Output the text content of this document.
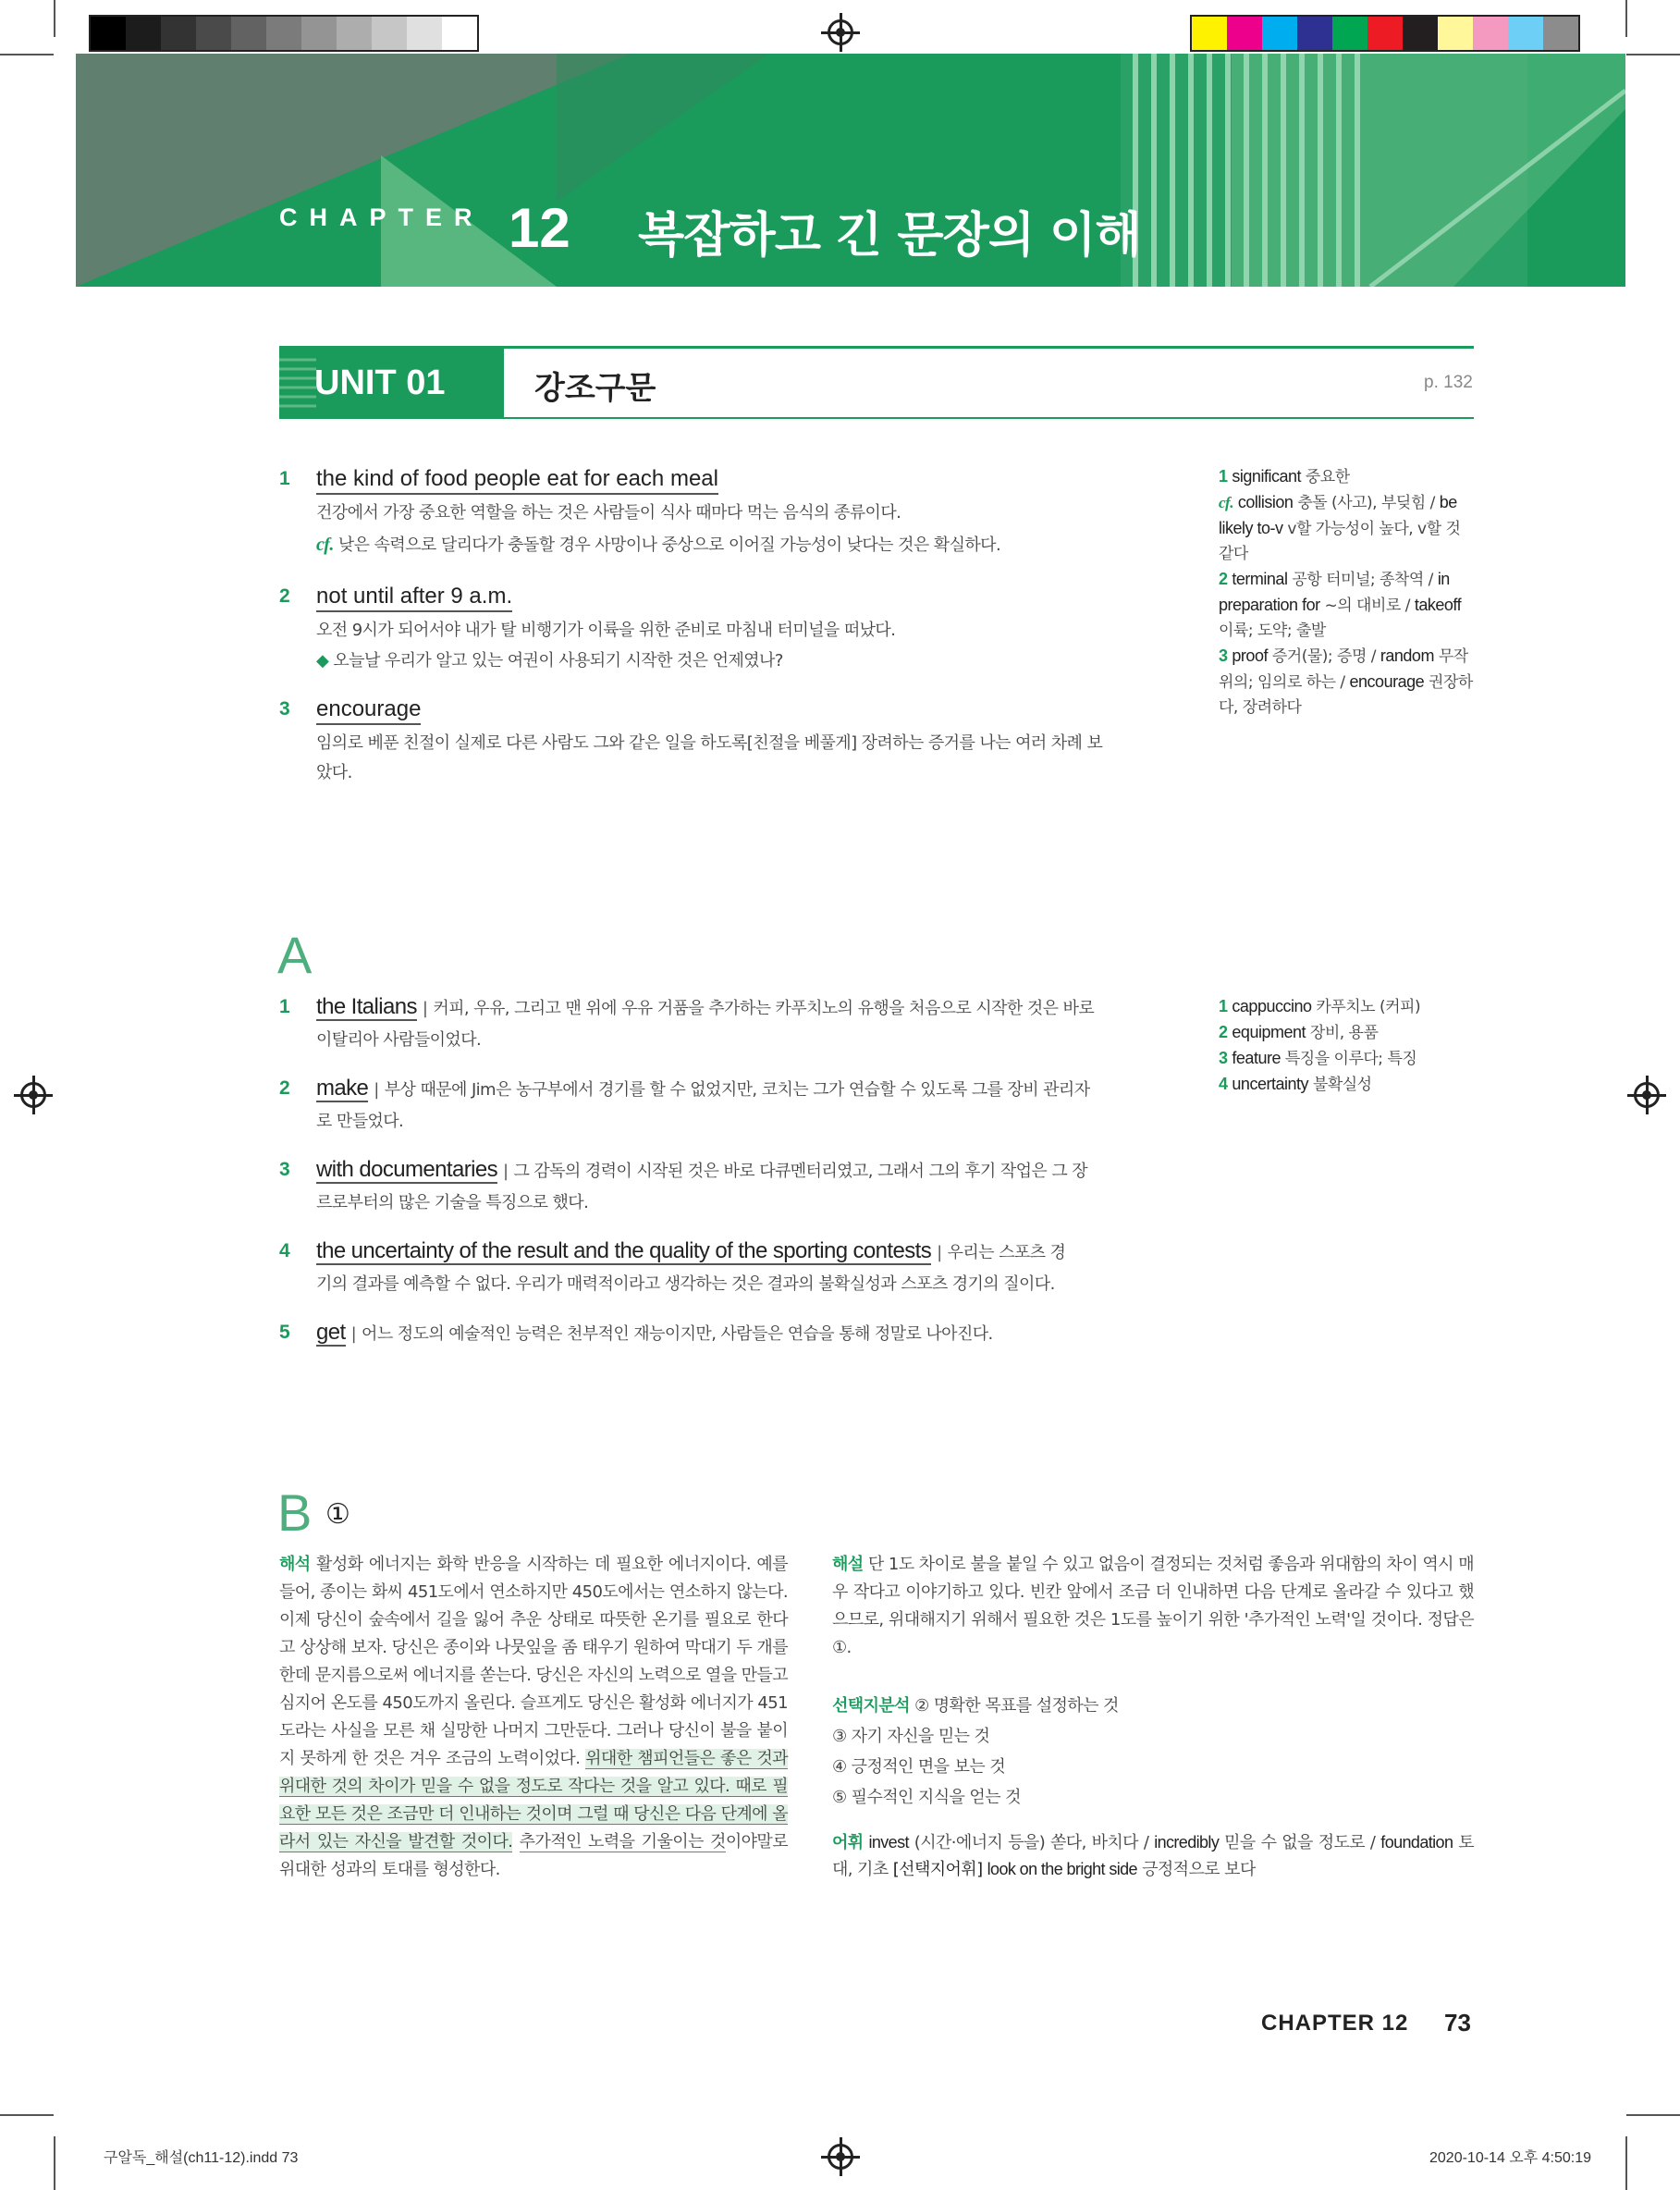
CHAPTER 12 복잡하고 긴 문장의 이해
UNIT 01	강조구문	p. 132
1 the kind of food people eat for each meal
건강에서 가장 중요한 역할을 하는 것은 사람들이 식사 때마다 먹는 음식의 종류이다.
cf. 낮은 속력으로 달리다가 충돌할 경우 사망이나 중상으로 이어질 가능성이 낮다는 것은 확실하다.
2 not until after 9 a.m.
오전 9시가 되어서야 내가 탈 비행기가 이륙을 위한 준비로 마침내 터미널을 떠났다.
◆ 오늘날 우리가 알고 있는 여권이 사용되기 시작한 것은 언제였나?
3 encourage
임의로 베푼 친절이 실제로 다른 사람도 그와 같은 일을 하도록[친절을 베풀게] 장려하는 증거를 나는 여러 차례 보
았다.
1 significant 중요한
cf. collision 충돌 (사고), 부딪힘 / be likely to-v v할 가능성이 높다, v할 것 같다
2 terminal 공항 터미널; 종착역 / in preparation for ~의 대비로 / takeoff 이륙; 도약; 출발
3 proof 증거(물); 증명 / random 무작위의; 임의로 하는 / encourage 권장하다, 장려하다
A
1 the Italians | 커피, 우유, 그리고 맨 위에 우유 거품을 추가하는 카푸치노의 유행을 처음으로 시작한 것은 바로
이탈리아 사람들이었다.
2 make | 부상 때문에 Jim은 농구부에서 경기를 할 수 없었지만, 코치는 그가 연습할 수 있도록 그를 장비 관리자
로 만들었다.
3 with documentaries | 그 감독의 경력이 시작된 것은 바로 다큐멘터리였고, 그래서 그의 후기 작업은 그 장
르로부터의 많은 기술을 특징으로 했다.
4 the uncertainty of the result and the quality of the sporting contests | 우리는 스포츠 경
기의 결과를 예측할 수 없다. 우리가 매력적이라고 생각하는 것은 결과의 불확실성과 스포츠 경기의 질이다.
5 get | 어느 정도의 예술적인 능력은 천부적인 재능이지만, 사람들은 연습을 통해 정말로 나아진다.
1 cappuccino 카푸치노 (커피)
2 equipment 장비, 용품
3 feature 특징을 이루다; 특징
4 uncertainty 불확실성
B ①
해석 활성화 에너지는 화학 반응을 시작하는 데 필요한 에너지이다. 예를 들어, 종이는 화씨 451도에서 연소하지만 450도에서는 연소하지 않는다. 이제 당신이 숲속에서 길을 잃어 추운 상태로 따뜻한 온기를 필요로 한다고 상상해 보자. 당신은 종이와 나뭇잎을 좀 태우기 원하여 막대기 두 개를 한데 문지름으로써 에너지를 쏟는다. 당신은 자신의 노력으로 열을 만들고 심지어 온도를 450도까지 올린다. 슬프게도 당신은 활성화 에너지가 451도라는 사실을 모른 채 실망한 나머지 그만둔다. 그러나 당신이 불을 붙이지 못하게 한 것은 겨우 조금의 노력이었다. 위대한 챔피언들은 좋은 것과 위대한 것의 차이가 믿을 수 없을 정도로 작다는 것을 알고 있다. 때로 필요한 모든 것은 조금만 더 인내하는 것이며 그럴 때 당신은 다음 단계에 올라서 있는 자신을 발견할 것이다. 추가적인 노력을 기울이는 것이야말로 위대한 성과의 토대를 형성한다.
해설 단 1도 차이로 불을 붙일 수 있고 없음이 결정되는 것처럼 좋음과 위대함의 차이 역시 매우 작다고 이야기하고 있다. 빈칸 앞에서 조금 더 인내하면 다음 단계로 올라갈 수 있다고 했으므로, 위대해지기 위해서 필요한 것은 1도를 높이기 위한 '추가적인 노력'일 것이다. 정답은 ①.
선택지분석 ② 명확한 목표를 설정하는 것
③ 자기 자신을 믿는 것
④ 긍정적인 면을 보는 것
⑤ 필수적인 지식을 얻는 것
어휘 invest (시간·에너지 등을) 쏟다, 바치다 / incredibly 믿을 수 없을 정도로 / foundation 토대, 기초 [선택지어휘] look on the bright side 긍정적으로 보다
CHAPTER 12 73
구알독_해설(ch11-12).indd 73	2020-10-14 오후 4:50:19
